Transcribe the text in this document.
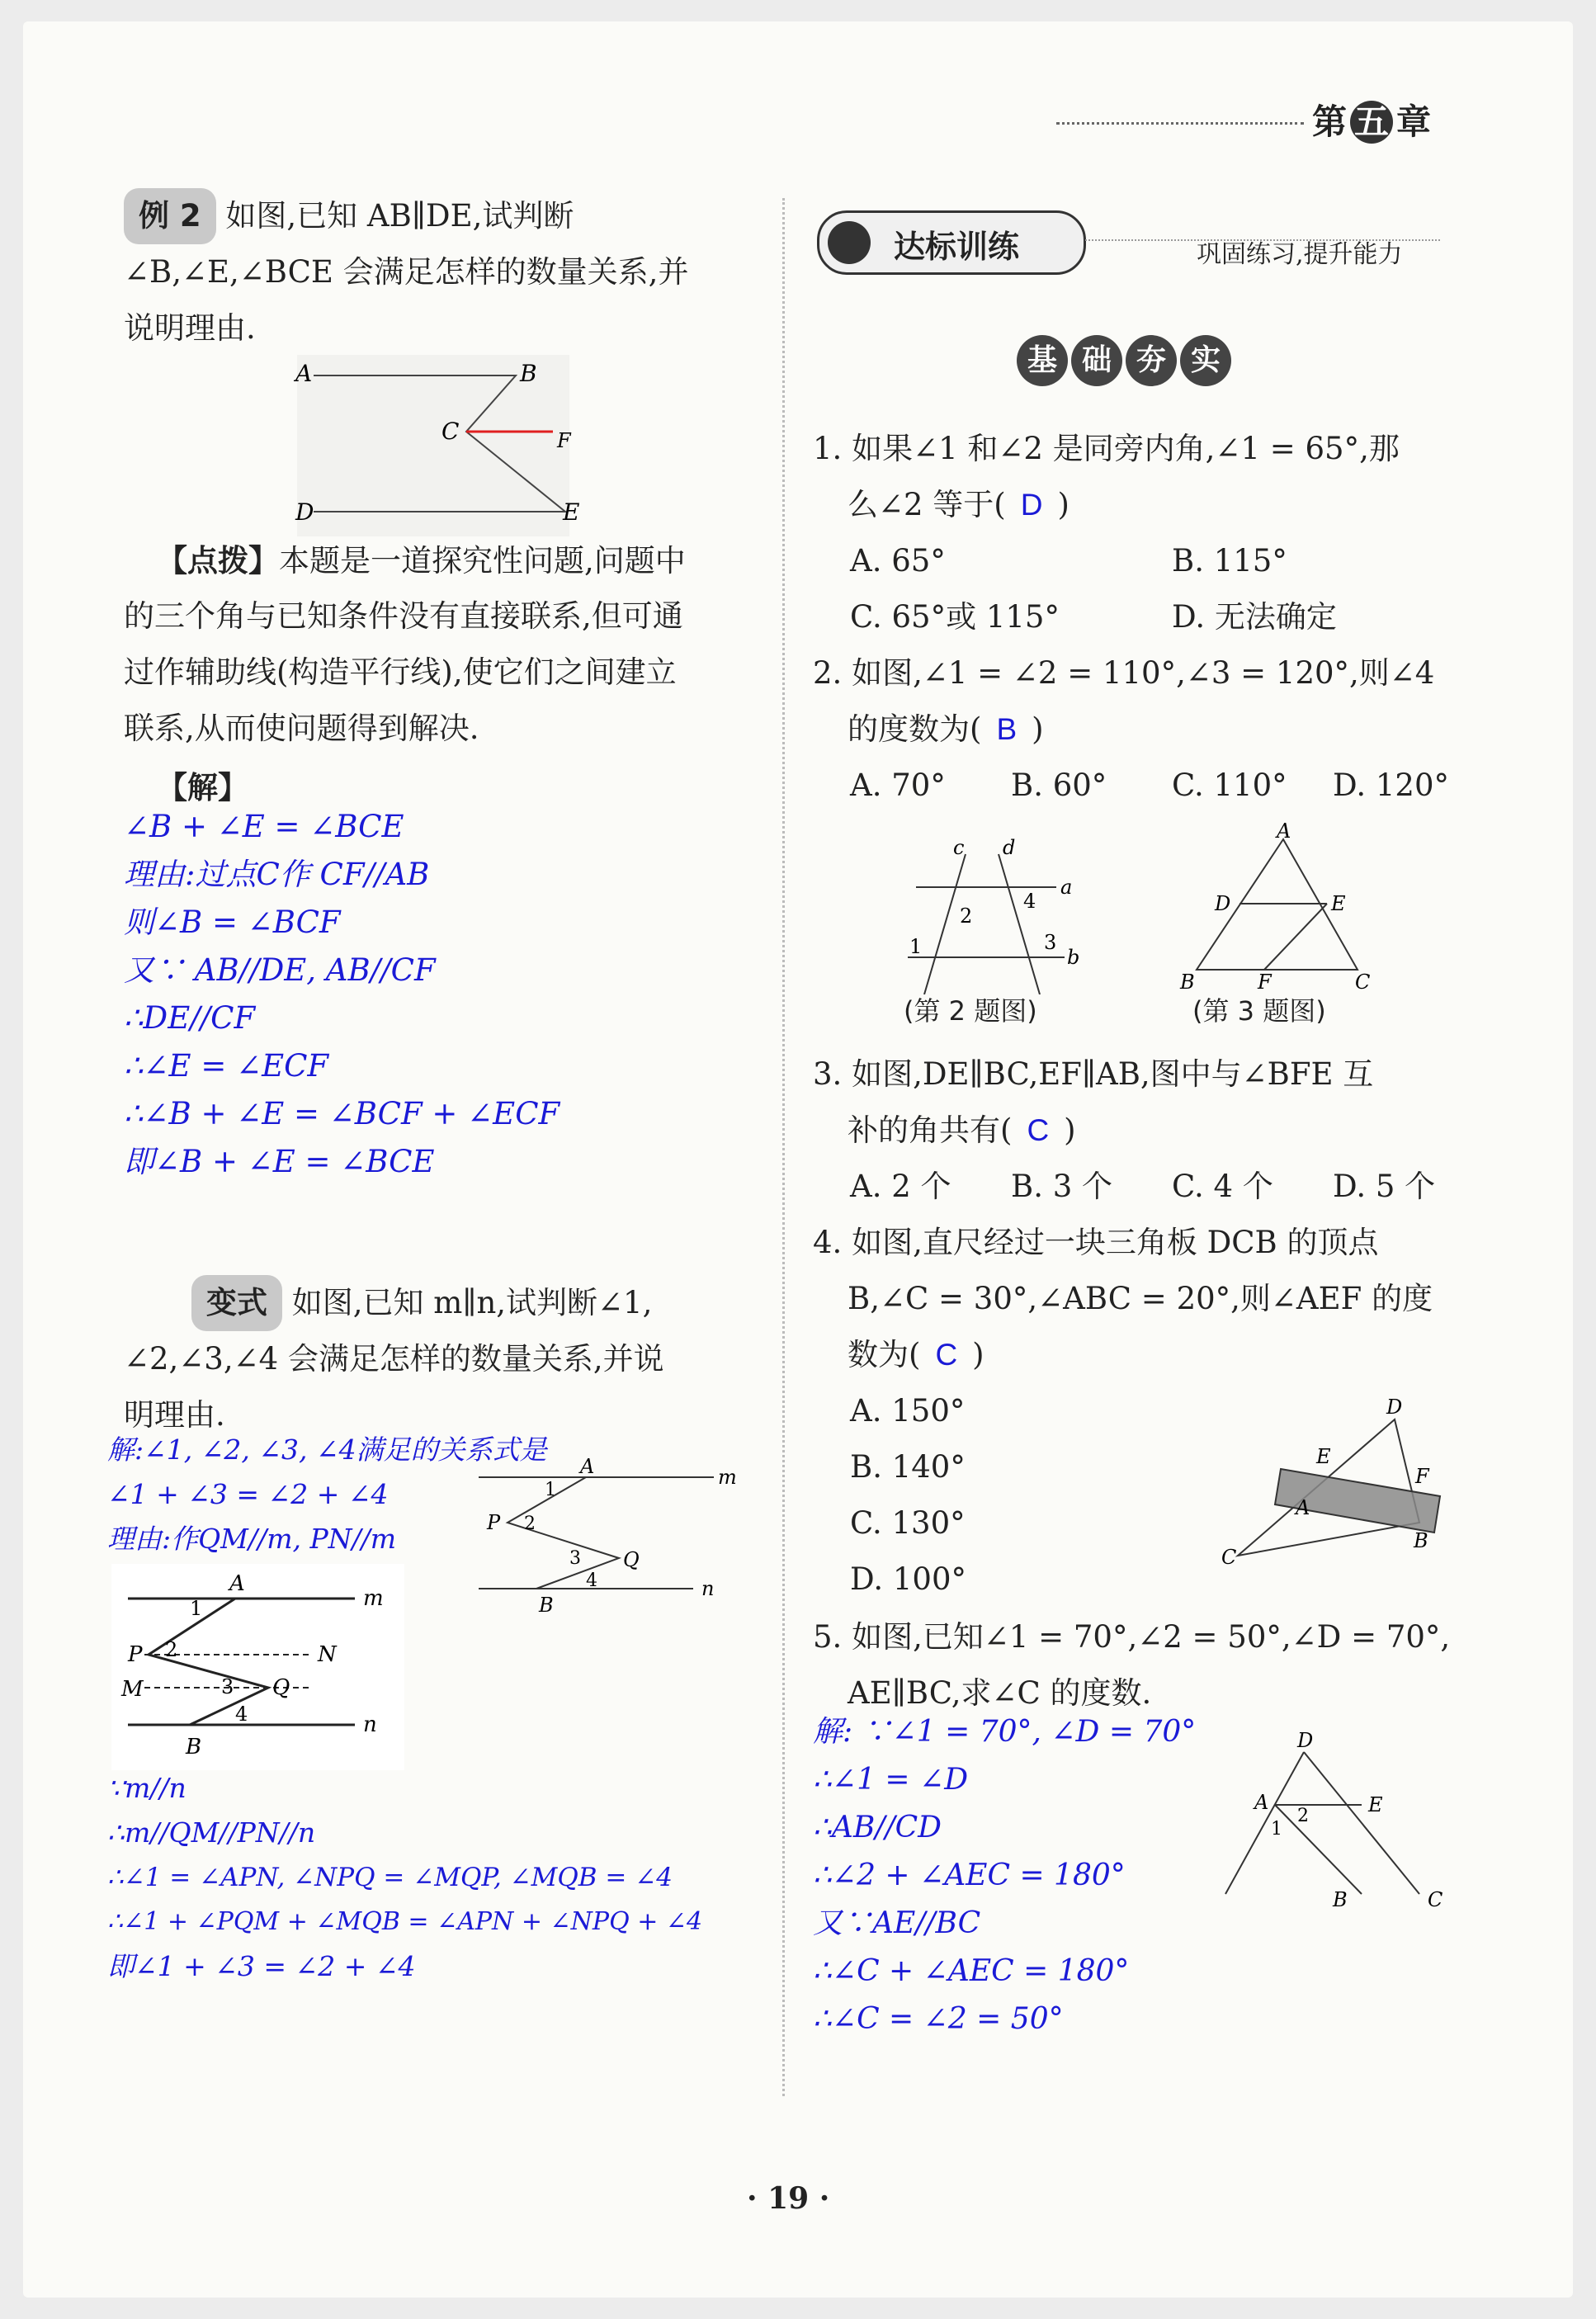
第 五 章
例 2 如图,已知 AB∥DE,试判断
∠B,∠E,∠BCE 会满足怎样的数量关系,并
说明理由.
A	B
C	F
D	E
【点拨】本题是一道探究性问题,问题中
的三个角与已知条件没有直接联系,但可通
过作辅助线(构造平行线),使它们之间建立
联系,从而使问题得到解决.
【解】
∠B + ∠E = ∠BCE
理由:过点C作 CF//AB
则∠B = ∠BCF
又∵ AB//DE, AB//CF
∴DE//CF
∴∠E = ∠ECF
∴∠B + ∠E = ∠BCF + ∠ECF
即∠B + ∠E = ∠BCE
变式 如图,已知 m∥n,试判断∠1,
∠2,∠3,∠4 会满足怎样的数量关系,并说
明理由.
解:∠1, ∠2, ∠3, ∠4满足的关系式是
∠1 + ∠3 = ∠2 + ∠4
理由:作QM//m, PN//m
A	m
P
Q
n
B
1
2
3
4
A
m
P	N
M	Q
n
B
1
2
3
4
∵m//n
∴m//QM//PN//n
∴∠1 = ∠APN, ∠NPQ = ∠MQP, ∠MQB = ∠4
∴∠1 + ∠PQM + ∠MQB = ∠APN + ∠NPQ + ∠4
即∠1 + ∠3 = ∠2 + ∠4
达标训练	巩固练习,提升能力
基 础 夯 实
1. 如果∠1 和∠2 是同旁内角,∠1 = 65°,那
么∠2 等于( D )
A. 65°	B. 115°
C. 65°或 115°	D. 无法确定
2. 如图,∠1 = ∠2 = 110°,∠3 = 120°,则∠4
的度数为( B )
A. 70° B. 60° C. 110° D. 120°
c d
a
b
2
4
1	3
(第 2 题图)
A
D	E
B	F	C
(第 3 题图)
3. 如图,DE∥BC,EF∥AB,图中与∠BFE 互
补的角共有( C )
A. 2 个 B. 3 个 C. 4 个 D. 5 个
4. 如图,直尺经过一块三角板 DCB 的顶点
B,∠C = 30°,∠ABC = 20°,则∠AEF 的度
数为( C )
A. 150°
B. 140°
C. 130°
D. 100°
D
E
F
A
B
C
5. 如图,已知∠1 = 70°,∠2 = 50°,∠D = 70°,
AE∥BC,求∠C 的度数.
解: ∵∠1 = 70°, ∠D = 70°
∴∠1 = ∠D
∴AB//CD
∴∠2 + ∠AEC = 180°
又∵AE//BC
∴∠C + ∠AEC = 180°
∴∠C = ∠2 = 50°
D
A	E
1
2
B	C
· 19 ·
